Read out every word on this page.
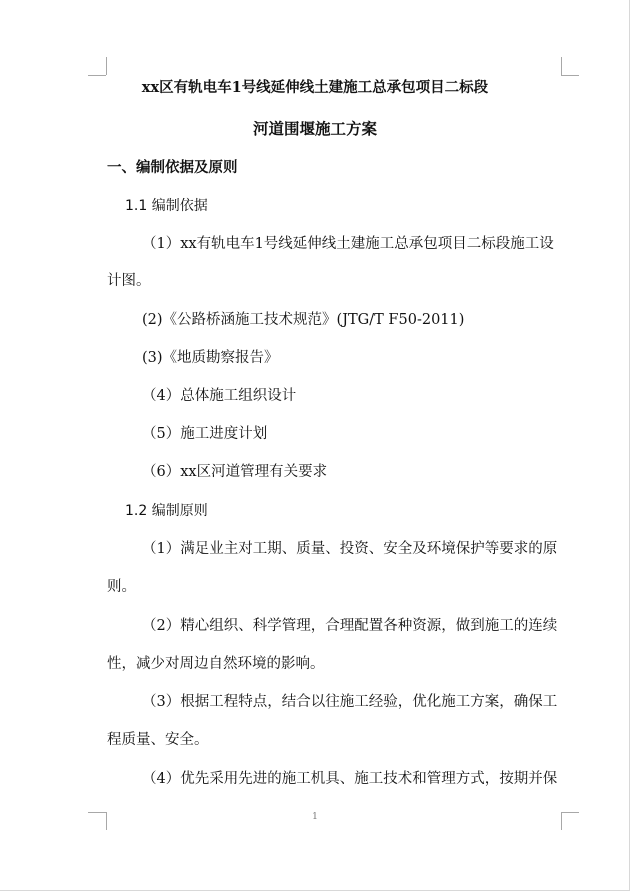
xx区有轨电车1号线延伸线土建施工总承包项目二标段
河道围堰施工方案
一、编制依据及原则
1.1 编制依据
（1）xx有轨电车1号线延伸线土建施工总承包项目二标段施工设
计图。
(2)《公路桥涵施工技术规范》(JTG/T F50-2011)
(3)《地质勘察报告》
（4）总体施工组织设计
（5）施工进度计划
（6）xx区河道管理有关要求
1.2 编制原则
（1）满足业主对工期、质量、投资、安全及环境保护等要求的原
则。
（2）精心组织、科学管理，合理配置各种资源，做到施工的连续
性，减少对周边自然环境的影响。
（3）根据工程特点，结合以往施工经验，优化施工方案，确保工
程质量、安全。
（4）优先采用先进的施工机具、施工技术和管理方式，按期并保
1
